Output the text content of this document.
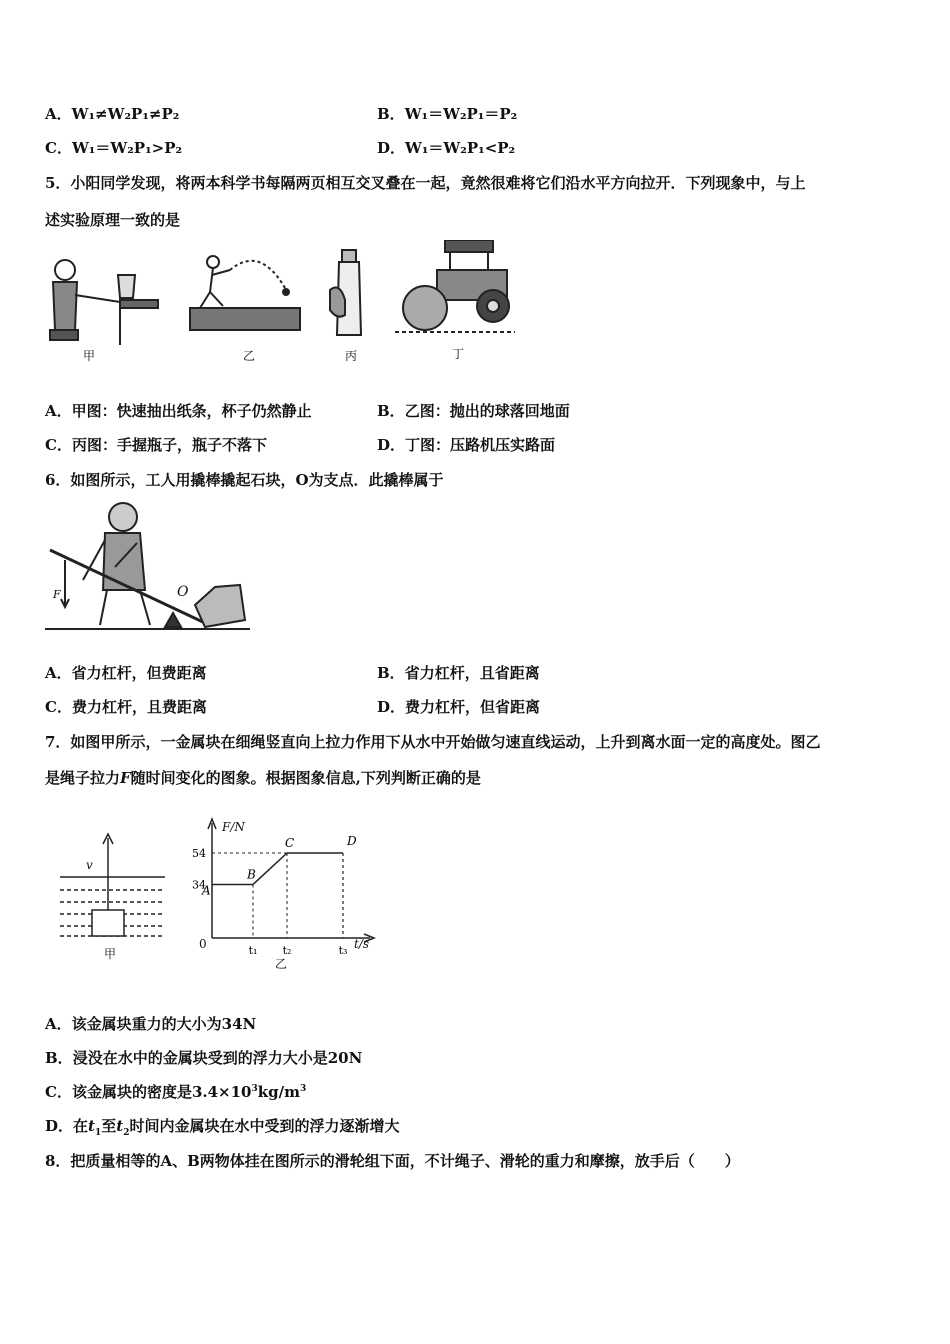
A．W₁≠W₂P₁≠P₂	B．W₁＝W₂P₁＝P₂
C．W₁＝W₂P₁>P₂	D．W₁＝W₂P₁<P₂
5．小阳同学发现，将两本科学书每隔两页相互交叉叠在一起，竟然很难将它们沿水平方向拉开．下列现象中，与上
述实验原理一致的是
甲	乙	丙	丁
A．甲图：快速抽出纸条，杯子仍然静止	B．乙图：抛出的球落回地面
C．丙图：手握瓶子，瓶子不落下	D．丁图：压路机压实路面
6．如图所示，工人用撬棒撬起石块，O为支点．此撬棒属于
O
F
A．省力杠杆，但费距离	B．省力杠杆，且省距离
C．费力杠杆，且费距离	D．费力杠杆，但省距离
7．如图甲所示，一金属块在细绳竖直向上拉力作用下从水中开始做匀速直线运动，上升到离水面一定的高度处。图乙
是绳子拉力F随时间变化的图象。根据图象信息,下列判断正确的是
v
甲
54
34
t₁ t₂	t₃
A
B
C	D
F/N
t/s
0
乙
A．该金属块重力的大小为34N
B．浸没在水中的金属块受到的浮力大小是20N
C．该金属块的密度是$3.4\times 10^3kg/m^3$
D．在$t_1$至$t_2$时间内金属块在水中受到的浮力逐渐增大
8．把质量相等的A、B两物体挂在图所示的滑轮组下面，不计绳子、滑轮的重力和摩擦，放手后（　　）
